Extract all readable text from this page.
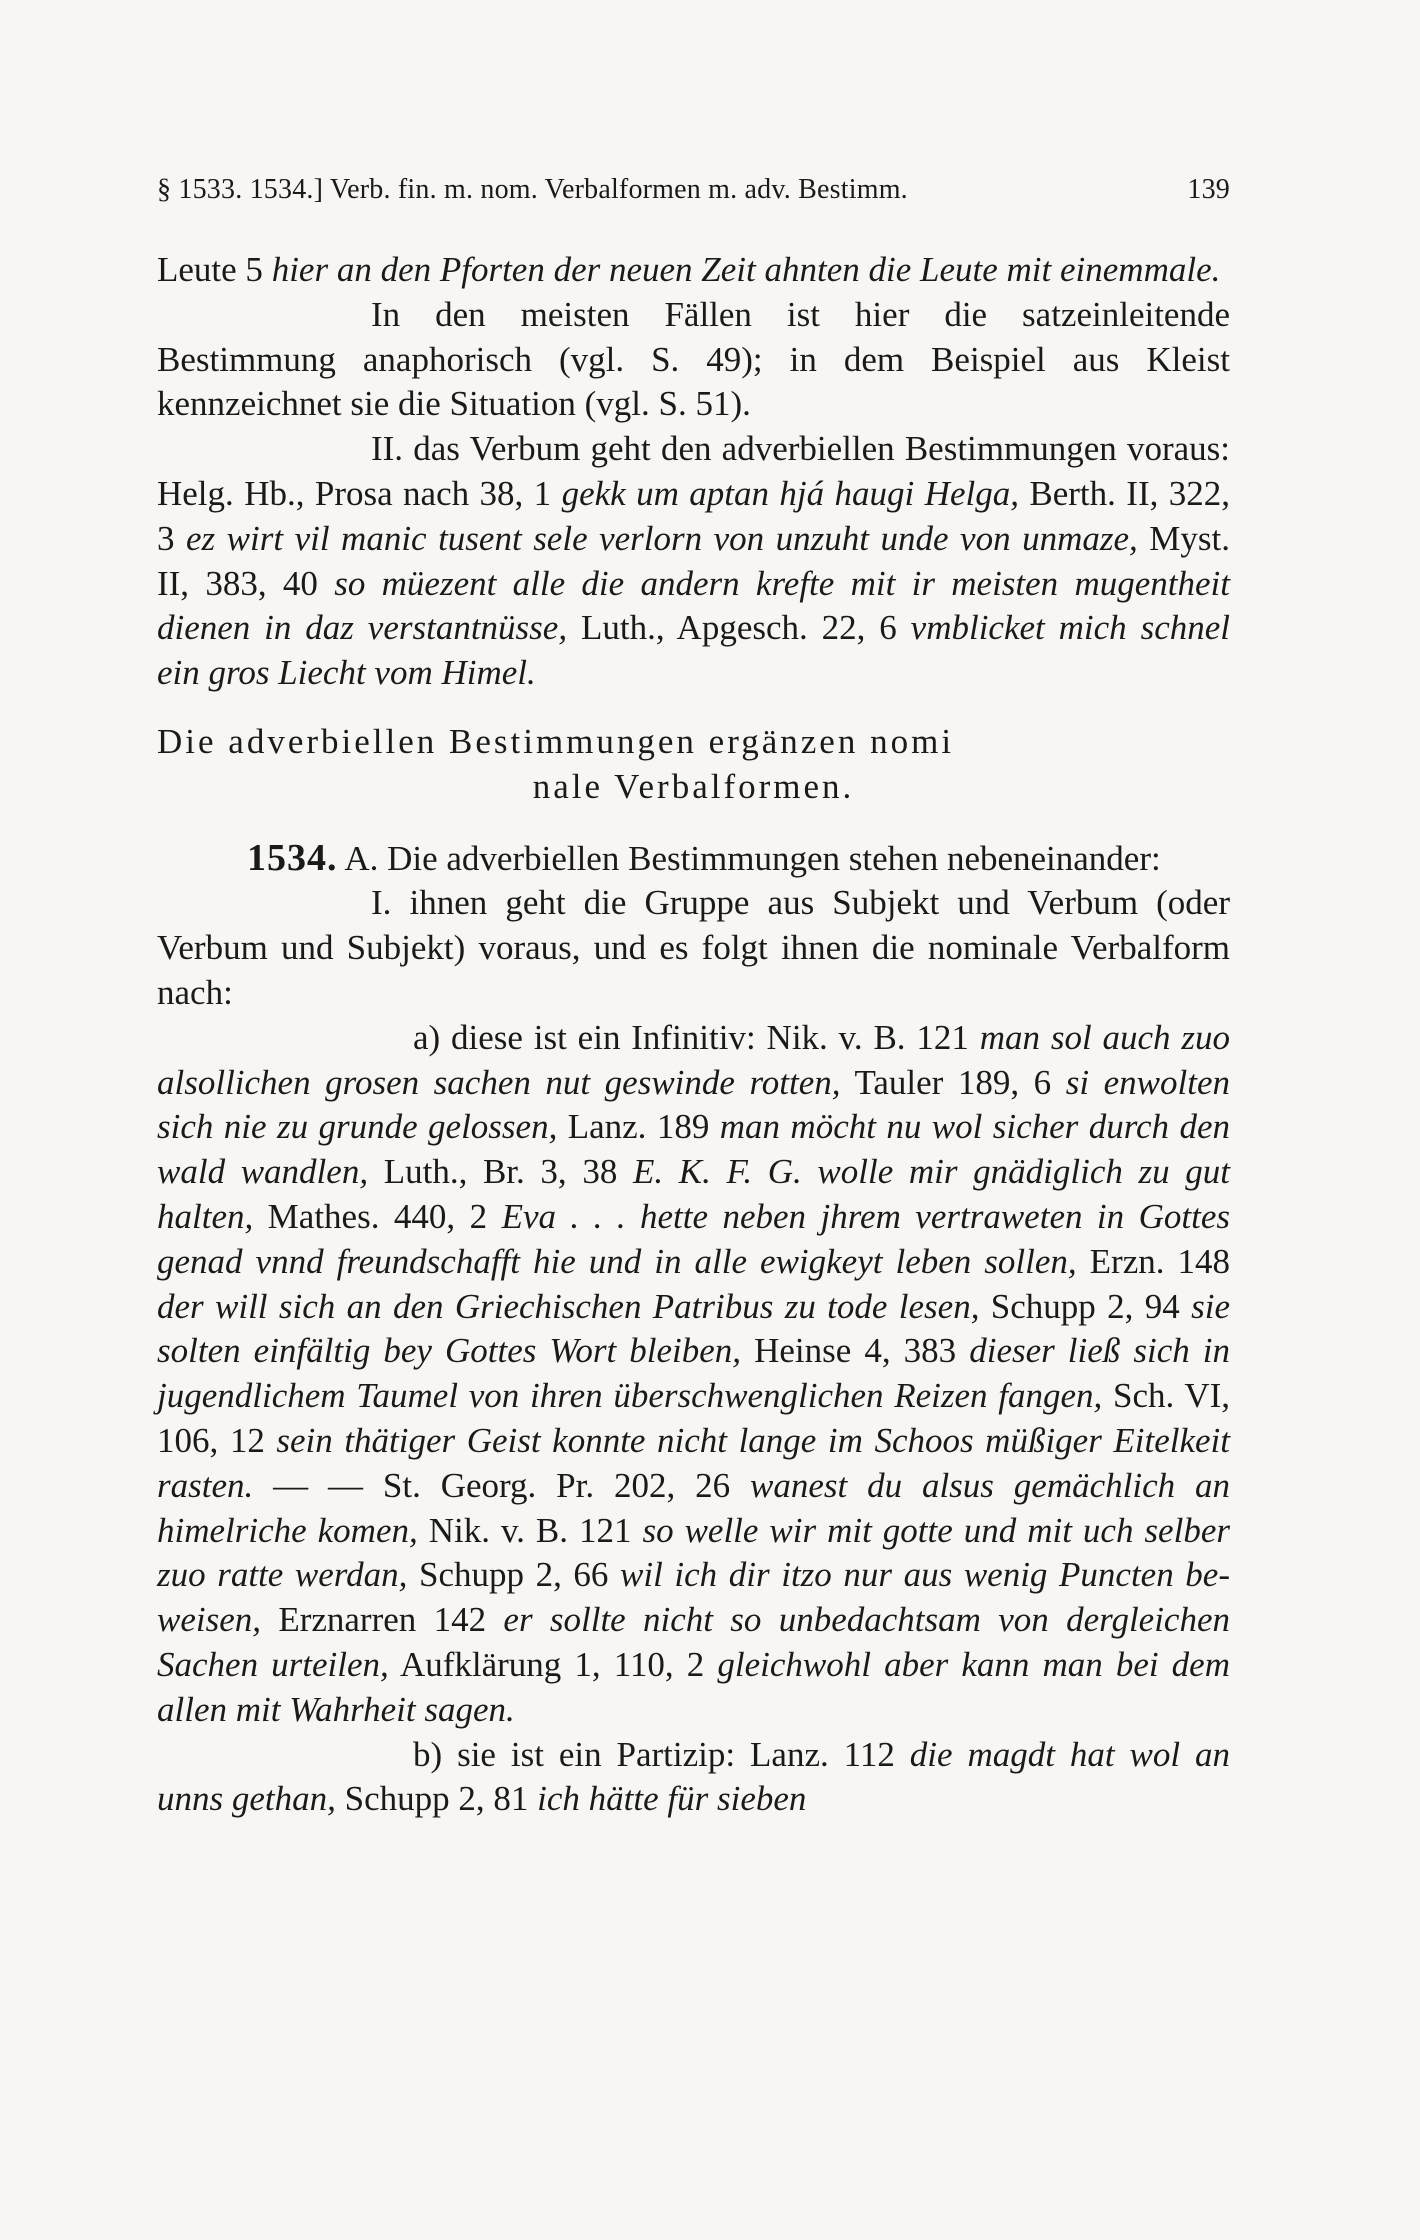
§ 1533. 1534.] Verb. fin. m. nom. Verbalformen m. adv. Bestimm.	139

Leute 5 hier an den Pforten der neuen Zeit ahnten die Leute mit einemmale.

In den meisten Fällen ist hier die satzeinleitende Bestimmung anaphorisch (vgl. S. 49); in dem Beispiel aus Kleist kennzeichnet sie die Situation (vgl. S. 51).

II. das Verbum geht den adverbiellen Bestimmungen voraus: Helg. Hb., Prosa nach 38, 1 gekk um aptan hjá haugi Helga, Berth. II, 322, 3 ez wirt vil manic tusent sele verlorn von unzuht unde von unmaze, Myst. II, 383, 40 so müezent alle die andern krefte mit ir meisten mugentheit dienen in daz verstantnüsse, Luth., Apgesch. 22, 6 vmblicket mich schnel ein gros Liecht vom Himel.

Die adverbiellen Bestimmungen ergänzen nomi
nale Verbalformen.

1534. A. Die adverbiellen Bestimmungen stehen nebeneinander:

I. ihnen geht die Gruppe aus Subjekt und Verbum (oder Verbum und Subjekt) voraus, und es folgt ihnen die nominale Verbalform nach:

a) diese ist ein Infinitiv: Nik. v. B. 121 man sol auch zuo alsollichen grosen sachen nut geswinde rotten, Tauler 189, 6 si enwolten sich nie zu grunde gelossen, Lanz. 189 man möcht nu wol sicher durch den wald wandlen, Luth., Br. 3, 38 E. K. F. G. wolle mir gnädiglich zu gut halten, Mathes. 440, 2 Eva . . . hette neben jhrem vertraweten in Gottes genad vnnd freundschafft hie und in alle ewigkeyt leben sollen, Erzn. 148 der will sich an den Griechischen Patribus zu tode lesen, Schupp 2, 94 sie solten einfältig bey Gottes Wort bleiben, Heinse 4, 383 dieser ließ sich in jugendlichem Taumel von ihren überschwenglichen Reizen fangen, Sch. VI, 106, 12 sein thätiger Geist konnte nicht lange im Schoos müßiger Eitelkeit rasten. — — St. Georg. Pr. 202, 26 wanest du alsus gemächlich an himelriche komen, Nik. v. B. 121 so welle wir mit gotte und mit uch selber zuo ratte werdan, Schupp 2, 66 wil ich dir itzo nur aus wenig Puncten beweisen, Erznarren 142 er sollte nicht so unbedachtsam von dergleichen Sachen urteilen, Aufklärung 1, 110, 2 gleichwohl aber kann man bei dem allen mit Wahrheit sagen.

b) sie ist ein Partizip: Lanz. 112 die magdt hat wol an unns gethan, Schupp 2, 81 ich hätte für sieben
